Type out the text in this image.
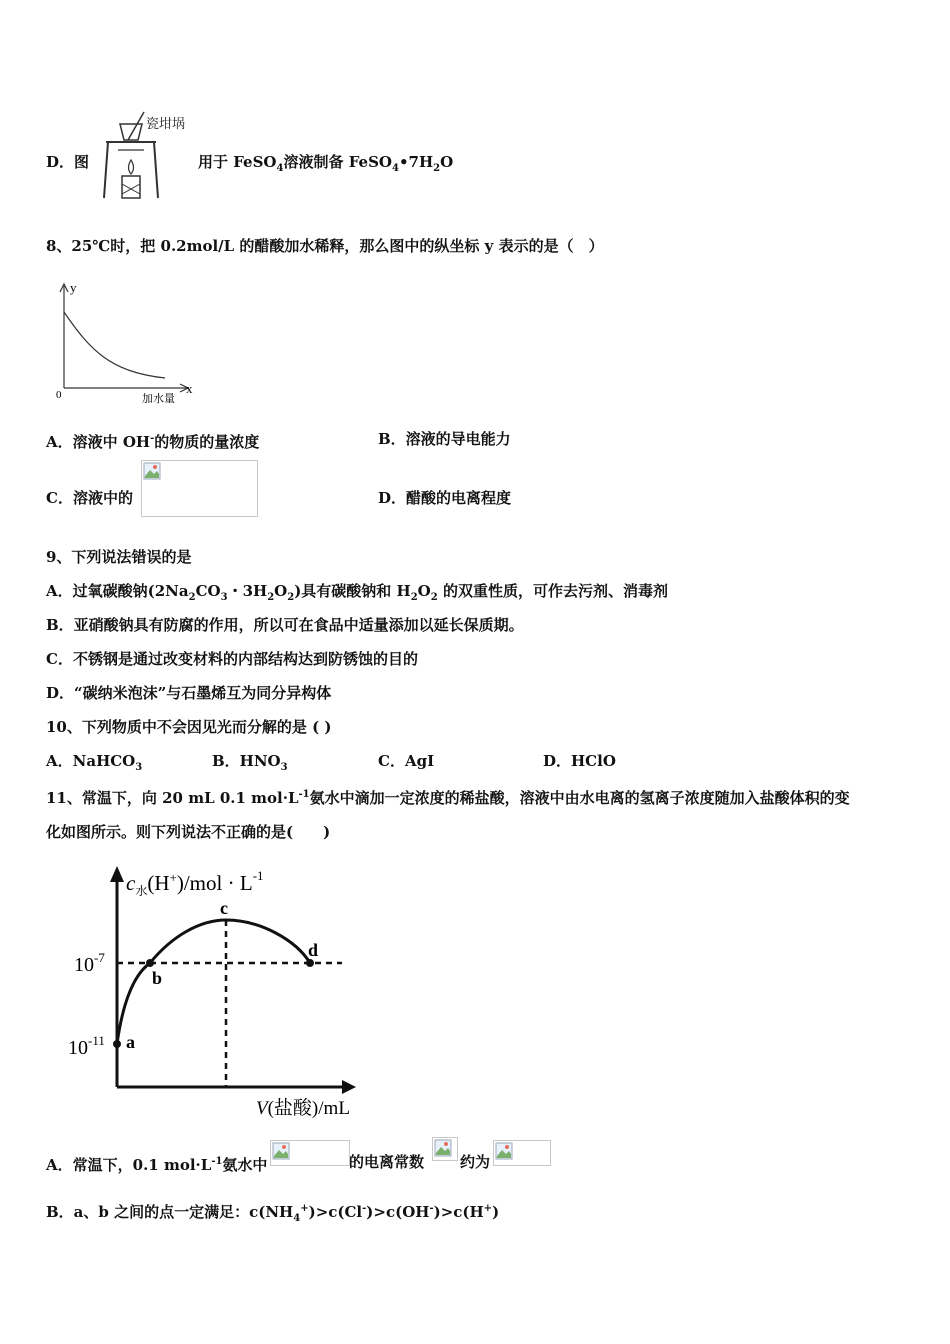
D．图
瓷坩埚
用于 FeSO$_4$溶液制备 $FeSO_4•7H_2O$
8、25℃时，把 0.2mol/L 的醋酸加水稀释，那么图中的纵坐标 y 表示的是（　）
y
x
0	加水量
A．溶液中 OH-的物质的量浓度	B．溶液的导电能力
C．溶液中的	D．醋酸的电离程度
9、下列说法错误的是
A．过氧碳酸钠($2Na_2CO_3$・$3H_2O_2$)具有碳酸钠和 $H_2O_2$ 的双重性质，可作去污剂、消毒剂
B．亚硝酸钠具有防腐的作用，所以可在食品中适量添加以延长保质期。
C．不锈钢是通过改变材料的内部结构达到防锈蚀的目的
D．“碳纳米泡沫”与石墨烯互为同分异构体
10、下列物质中不会因见光而分解的是 ( )
A．NaHCO$_3$	B．$HNO_3$	C．AgI	D．HClO
11、常温下，向 20 mL 0.1 $mol\cdot L^{-1}$氨水中滴加一定浓度的稀盐酸，溶液中由水电离的氢离子浓度随加入盐酸体积的变
化如图所示。则下列说法不正确的是(　　)
a
b
c
d
$10^{-7}$
$10^{-11}$
$c_水(H^+)$/mol · $L^{-1}$
V(盐酸)/mL
A．常温下，0.1 $mol\cdot L^{-1}$氨水中	的电离常数 约为
B．a、b 之间的点一定满足：$c(NH_4^+)>c(Cl^-)>c(OH^-)>c(H^+)$
